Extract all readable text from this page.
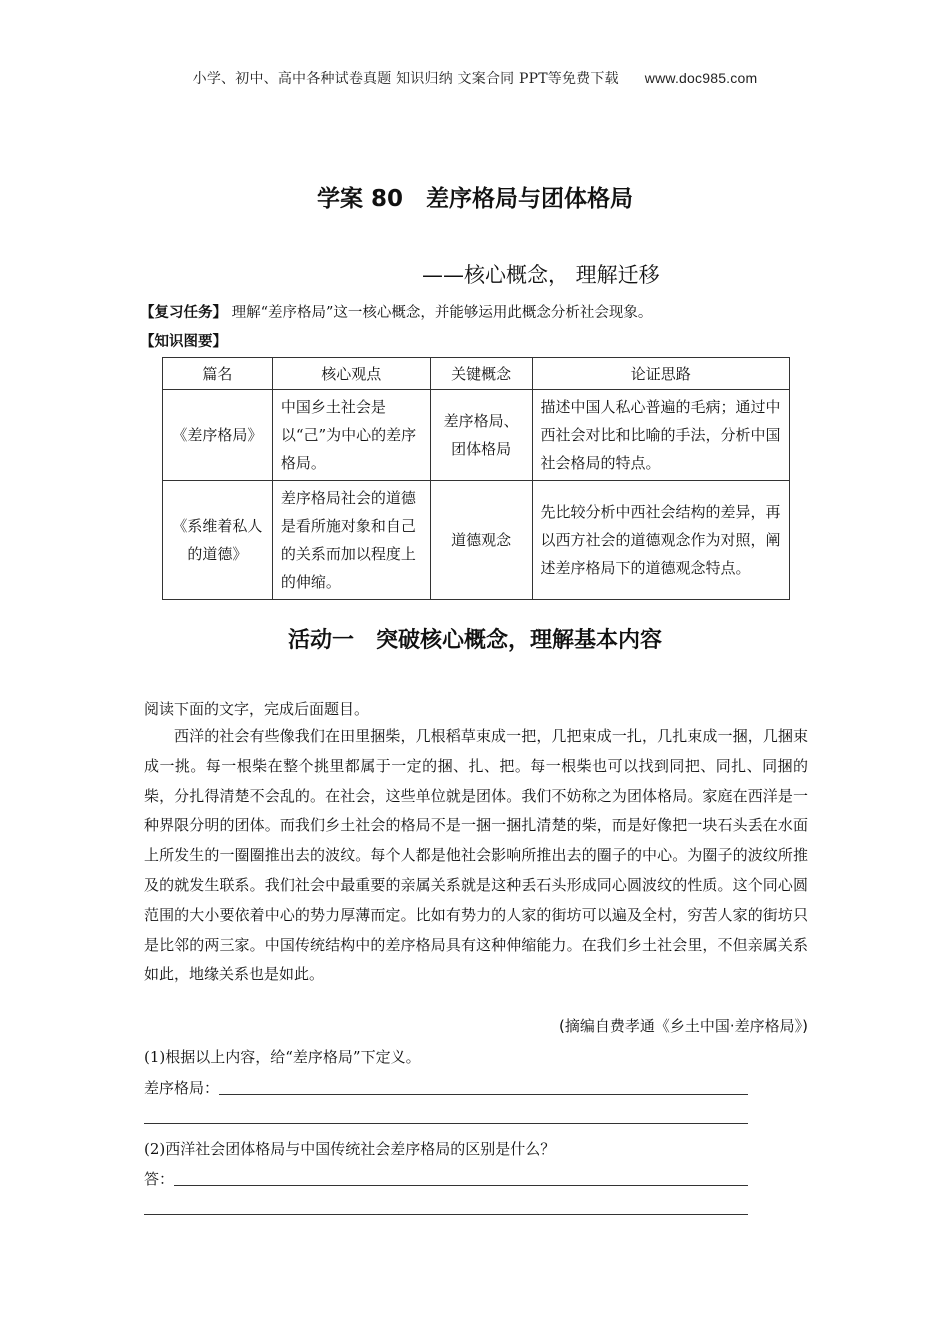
小学、初中、高中各种试卷真题 知识归纳 文案合同 PPT等免费下载 www.doc985.com
学案 80　差序格局与团体格局
——核心概念， 理解迁移
【复习任务】 理解“差序格局”这一核心概念，并能够运用此概念分析社会现象。
【知识图要】
篇名	核心观点	关键概念	论证思路
《差序格局》	中国乡土社会是以“己”为中心的差序格局。	差序格局、团体格局	描述中国人私心普遍的毛病；通过中西社会对比和比喻的手法，分析中国社会格局的特点。
《系维着私人的道德》	差序格局社会的道德是看所施对象和自己的关系而加以程度上的伸缩。	道德观念	先比较分析中西社会结构的差异，再以西方社会的道德观念作为对照，阐述差序格局下的道德观念特点。
活动一　突破核心概念，理解基本内容
阅读下面的文字，完成后面题目。
西洋的社会有些像我们在田里捆柴，几根稻草束成一把，几把束成一扎，几扎束成一捆，几捆束成一挑。每一根柴在整个挑里都属于一定的捆、扎、把。每一根柴也可以找到同把、同扎、同捆的柴，分扎得清楚不会乱的。在社会，这些单位就是团体。我们不妨称之为团体格局。家庭在西洋是一种界限分明的团体。而我们乡土社会的格局不是一捆一捆扎清楚的柴，而是好像把一块石头丢在水面上所发生的一圈圈推出去的波纹。每个人都是他社会影响所推出去的圈子的中心。为圈子的波纹所推及的就发生联系。我们社会中最重要的亲属关系就是这种丢石头形成同心圆波纹的性质。这个同心圆范围的大小要依着中心的势力厚薄而定。比如有势力的人家的街坊可以遍及全村，穷苦人家的街坊只是比邻的两三家。中国传统结构中的差序格局具有这种伸缩能力。在我们乡土社会里，不但亲属关系如此，地缘关系也是如此。
(摘编自费孝通《乡土中国·差序格局》)
(1)根据以上内容，给“差序格局”下定义。
差序格局：
(2)西洋社会团体格局与中国传统社会差序格局的区别是什么？
答：
